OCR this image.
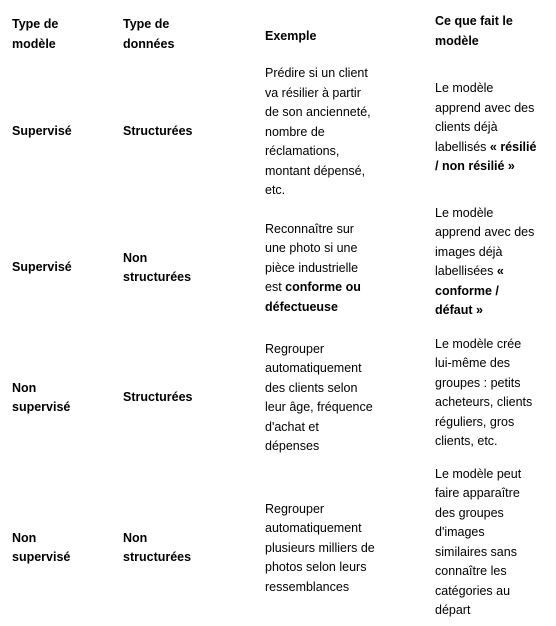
Type de
modèle
Type de
données
Exemple
Ce que fait le
modèle
Supervisé	Structurées
Prédire si un client
va résilier à partir
de son ancienneté,
nombre de
réclamations,
montant dépensé,
etc.
Le modèle
apprend avec des
clients déjà
labellisés « résilié
/ non résilié »
Supervisé
Non
structurées
Reconnaître sur
une photo si une
pièce industrielle
est conforme ou
défectueuse
Le modèle
apprend avec des
images déjà
labellisées «
conforme /
défaut »
Non
supervisé
Structurées
Regrouper
automatiquement
des clients selon
leur âge, fréquence
d'achat et
dépenses
Le modèle crée
lui-même des
groupes : petits
acheteurs, clients
réguliers, gros
clients, etc.
Non
supervisé
Non
structurées
Regrouper
automatiquement
plusieurs milliers de
photos selon leurs
ressemblances
Le modèle peut
faire apparaître
des groupes
d'images
similaires sans
connaître les
catégories au
départ
